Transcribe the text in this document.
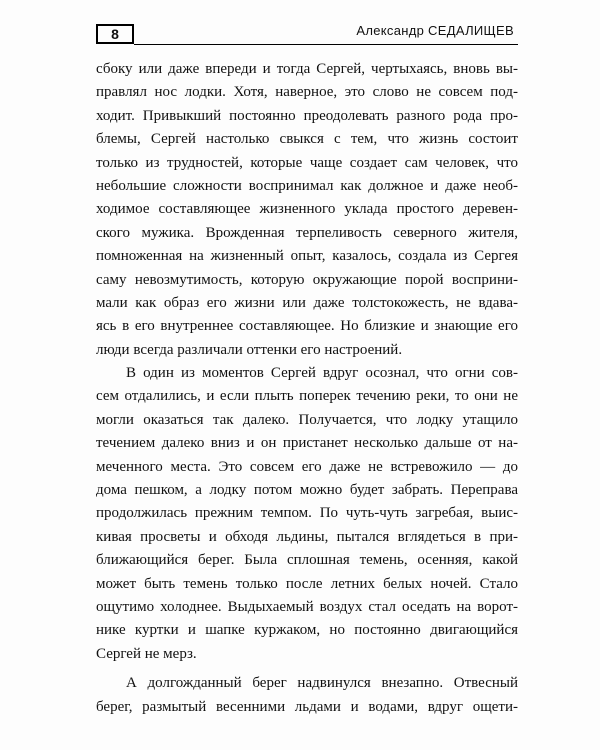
8	Александр СЕДАЛИЩЕВ
сбоку или даже впереди и тогда Сергей, чертыхаясь, вновь вы-
правлял нос лодки. Хотя, наверное, это слово не совсем под-
ходит. Привыкший постоянно преодолевать разного рода про-
блемы, Сергей настолько свыкся с тем, что жизнь состоит
только из трудностей, которые чаще создает сам человек, что
небольшие сложности воспринимал как должное и даже необ-
ходимое составляющее жизненного уклада простого деревен-
ского мужика. Врожденная терпеливость северного жителя,
помноженная на жизненный опыт, казалось, создала из Сергея
саму невозмутимость, которую окружающие порой восприни-
мали как образ его жизни или даже толстокожесть, не вдава-
ясь в его внутреннее составляющее. Но близкие и знающие его
люди всегда различали оттенки его настроений.
В один из моментов Сергей вдруг осознал, что огни сов-
сем отдалились, и если плыть поперек течению реки, то они не
могли оказаться так далеко. Получается, что лодку утащило
течением далеко вниз и он пристанет несколько дальше от на-
меченного места. Это совсем его даже не встревожило — до
дома пешком, а лодку потом можно будет забрать. Переправа
продолжилась прежним темпом. По чуть-чуть загребая, выис-
кивая просветы и обходя льдины, пытался вглядеться в при-
ближающийся берег. Была сплошная темень, осенняя, какой
может быть темень только после летних белых ночей. Стало
ощутимо холоднее. Выдыхаемый воздух стал оседать на ворот-
нике куртки и шапке куржаком, но постоянно двигающийся
Сергей не мерз.
А долгожданный берег надвинулся внезапно. Отвесный
берег, размытый весенними льдами и водами, вдруг ощети-
